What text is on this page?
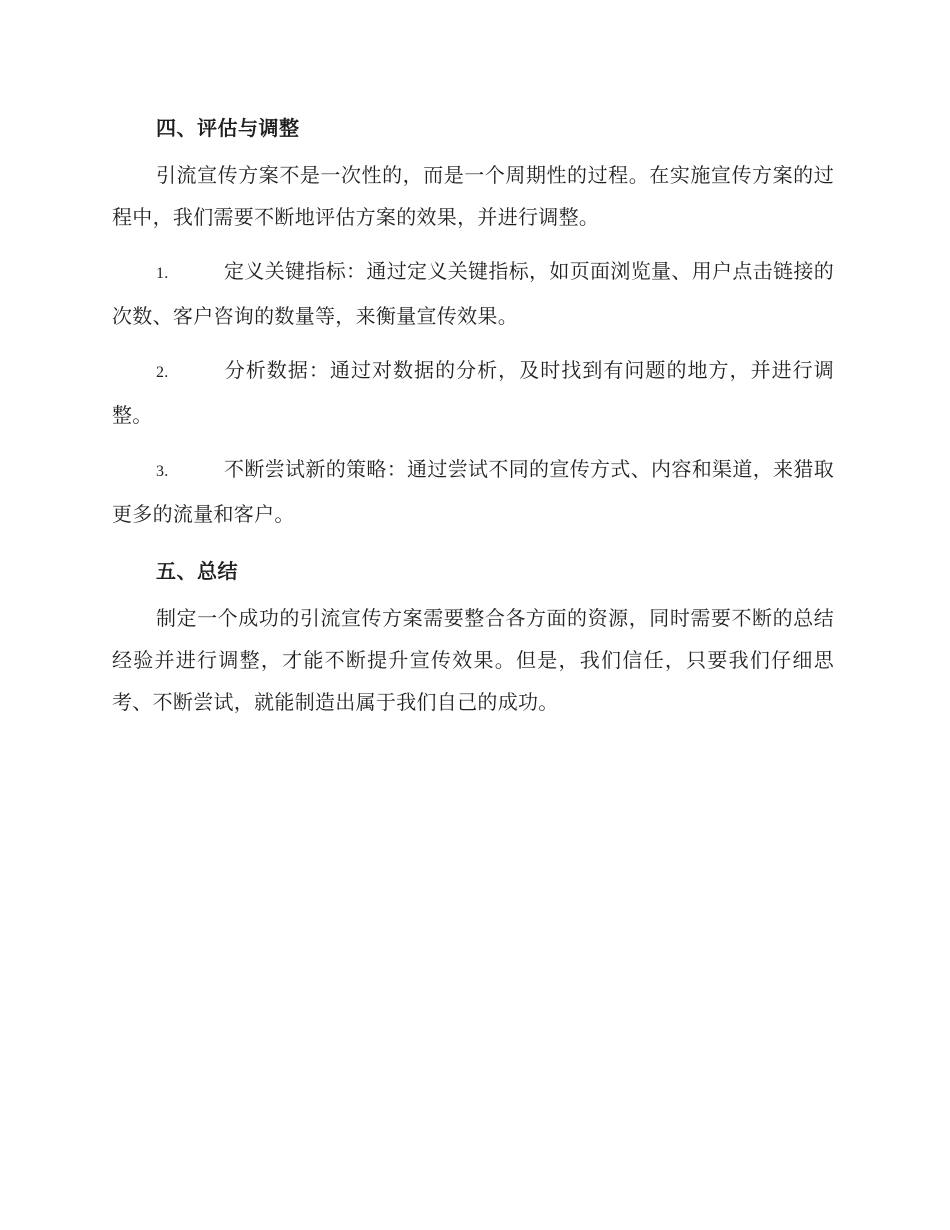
四、评估与调整

引流宣传方案不是一次性的，而是一个周期性的过程。在实施宣传方案的过程中，我们需要不断地评估方案的效果，并进行调整。

1.	定义关键指标：通过定义关键指标，如页面浏览量、用户点击链接的次数、客户咨询的数量等，来衡量宣传效果。

2.	分析数据：通过对数据的分析，及时找到有问题的地方，并进行调整。

3.	不断尝试新的策略：通过尝试不同的宣传方式、内容和渠道，来猎取更多的流量和客户。

五、总结

制定一个成功的引流宣传方案需要整合各方面的资源，同时需要不断的总结经验并进行调整，才能不断提升宣传效果。但是，我们信任，只要我们仔细思考、不断尝试，就能制造出属于我们自己的成功。
